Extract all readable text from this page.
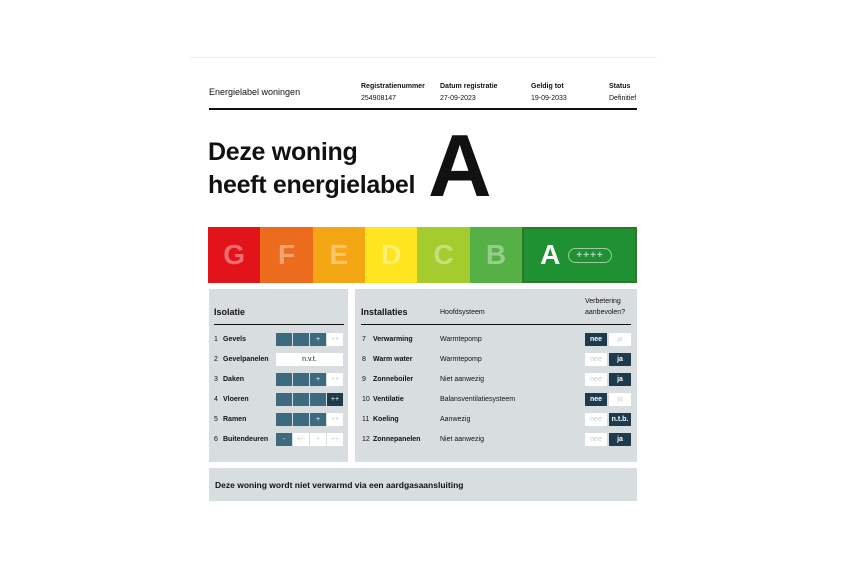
Energielabel woningen
Registratienummer
254908147
Datum registratie
27-09-2023
Geldig tot
19-09-2033
Status
Definitief
Deze woning
heeft energielabel A
G F E D C B A	++++
Isolatie
1 Gevels	+	++
2 Gevelpanelen	n.v.t.
3 Daken	+	++
4 Vloeren	++
5 Ramen	+	++
6 Buitendeuren	-	+/-	+	++
Installaties	Hoofdsysteem
Verbetering
aanbevolen?
7 Verwarming	Warmtepomp	nee	ja
8 Warm water	Warmtepomp	nee	ja
9 Zonneboiler	Niet aanwezig	nee	ja
10 Ventilatie	Balansventilatiesysteem	nee	ja
11 Koeling	Aanwezig	nee	n.t.b.
12 Zonnepanelen	Niet aanwezig	nee	ja
Deze woning wordt niet verwarmd via een aardgasaansluiting
